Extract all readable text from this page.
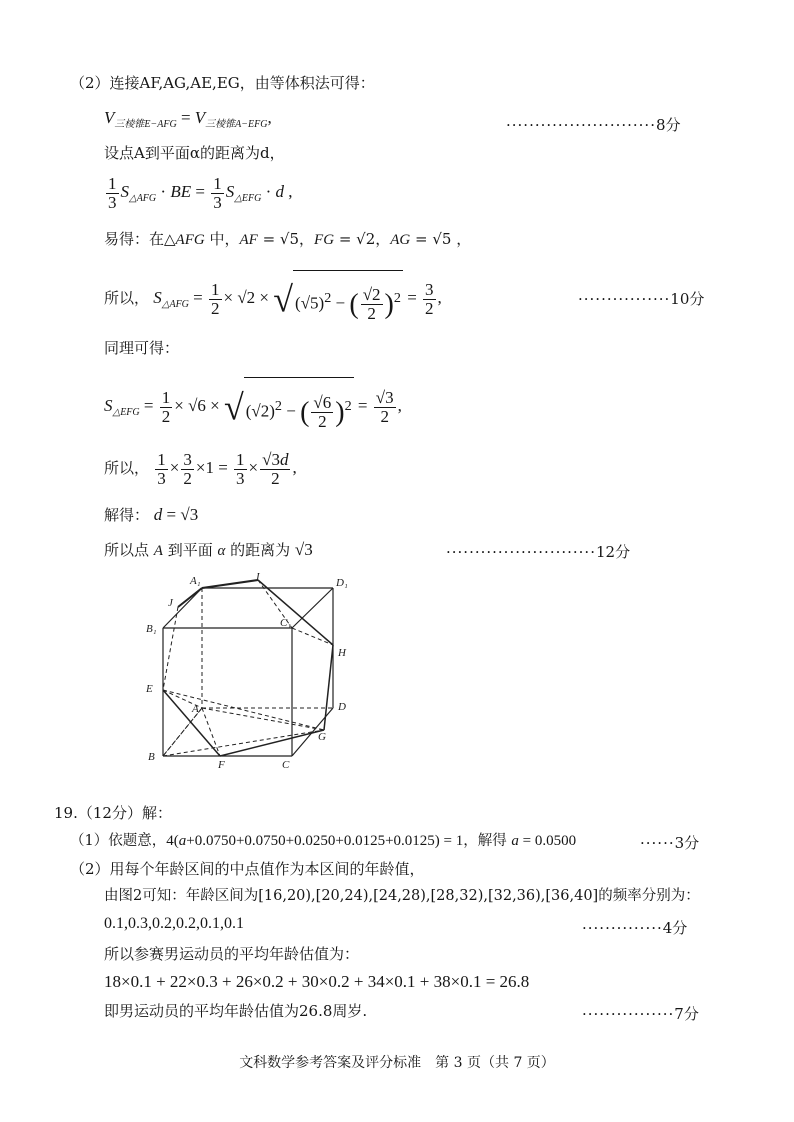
（2）连接AF,AG,AE,EG，由等体积法可得：
$V_{三棱锥E-AFG} = V_{三棱锥A-EFG}$,	··························8分
设点A到平面α的距离为d，
$\frac{1}{3} S_{\triangle AFG}$ · BE = $\frac{1}{3} S_{\triangle EFG} \cdot d$ ,
易得：在△AFG 中，AF = √5，FG = √2，AG = √5 ，
所以， $S_{\triangle AFG} = \frac{1}{2} \times √2$ × √ $(√5)^2$ − ( $\frac{√2}{2} )^2 = \frac{3}{2}$ ,	················10分
同理可得：
$S_{\triangle EFG} = \frac{1}{2} \times √6$ × √ $(√2)^2$ − ( $\frac{√6}{2} )^2 = \frac{√3}{2}$ ,
所以， $\frac{1}{3} \times \frac{3}{2} \times 1 = \frac{1}{3} \times \frac{√3d}{2}$ ,
解得： d = √3
所以点 A 到平面 α 的距离为 √3	··························12分
A₁	I	D₁
J
B₁	C₁
H
E
A	D
G
B
F	C
19.（12分）解：
（1）依题意，4(a+0.0750+0.0750+0.0250+0.0125+0.0125) = 1，解得 a = 0.0500	······3分
（2）用每个年龄区间的中点值作为本区间的年龄值，
由图2可知：年龄区间为[16,20),[20,24),[24,28),[28,32),[32,36),[36,40]的频率分别为：
0.1,0.3,0.2,0.2,0.1,0.1	··············4分
所以参赛男运动员的平均年龄估值为：
18×0.1 + 22×0.3 + 26×0.2 + 30×0.2 + 34×0.1 + 38×0.1 = 26.8
即男运动员的平均年龄估值为26.8周岁.	················7分
文科数学参考答案及评分标准　第 3 页（共 7 页）
